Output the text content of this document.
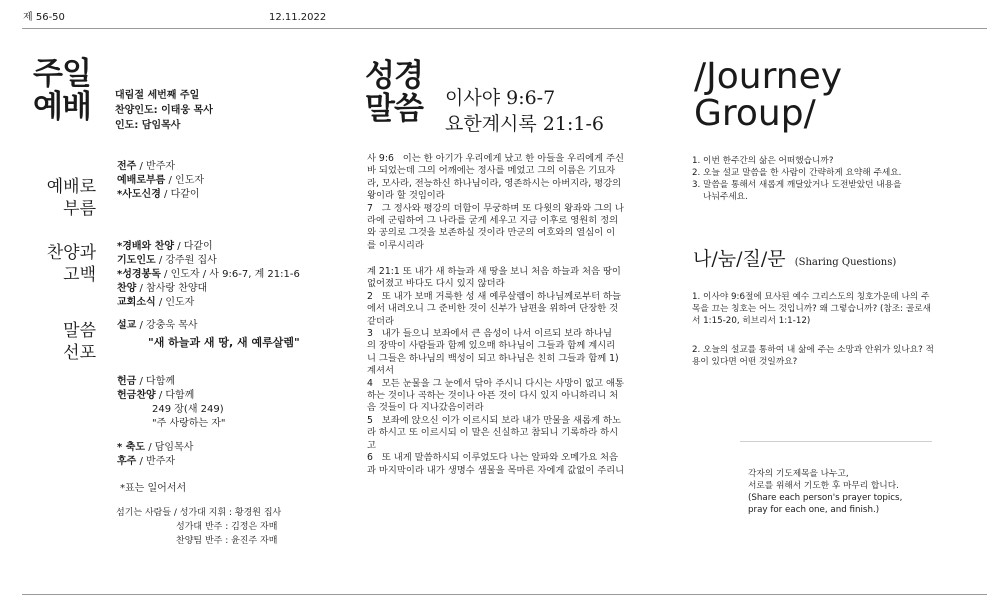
제 56-50	12.11.2022
주일
예배 대림절 세번째 주일
찬양인도: 이태웅 목사
인도: 담임목사
예배로
부름
전주 / 반주자
예배로부름 / 인도자
*사도신경 / 다같이
찬양과
고백
*경배와 찬양 / 다같이
기도인도 / 강주원 집사
*성경봉독 / 인도자 / 사 9:6-7, 계 21:1-6
찬양 / 참사랑 찬양대
교회소식 / 인도자
말씀
선포
설교 / 강충욱 목사
"새 하늘과 새 땅, 새 예루살렘"
헌금 / 다함께
헌금찬양 / 다함께
249 장(새 249)
"주 사랑하는 자"
* 축도 / 담임목사
후주 / 반주자
*표는 일어서서
섬기는 사람들 / 성가대 지휘 : 황경원 집사
성가대 반주 : 김정은 자매
찬양팀 반주 : 윤진주 자매
성경
말씀 이사야 9:6-7
요한계시록 21:1-6
사 9:6   이는 한 아기가 우리에게 났고 한 아들을 우리에게 주신
바 되었는데 그의 어깨에는 정사를 메었고 그의 이름은 기묘자
라, 모사라, 전능하신 하나님이라, 영존하시는 아버지라, 평강의
왕이라 할 것임이라
7   그 정사와 평강의 더함이 무궁하며 또 다윗의 왕좌와 그의 나
라에 군림하여 그 나라를 굳게 세우고 지금 이후로 영원히 정의
와 공의로 그것을 보존하실 것이라 만군의 여호와의 열심이 이
를 이루시리라
계 21:1 또 내가 새 하늘과 새 땅을 보니 처음 하늘과 처음 땅이
없어졌고 바다도 다시 있지 않더라
2   또 내가 보매 거룩한 성 새 예루살렘이 하나님께로부터 하늘
에서 내려오니 그 준비한 것이 신부가 남편을 위하여 단장한 것
같더라
3   내가 들으니 보좌에서 큰 음성이 나서 이르되 보라 하나님
의 장막이 사람들과 함께 있으매 하나님이 그들과 함께 계시리
니 그들은 하나님의 백성이 되고 하나님은 친히 그들과 함께 1)
계셔서
4   모든 눈물을 그 눈에서 닦아 주시니 다시는 사망이 없고 애통
하는 것이나 곡하는 것이나 아픈 것이 다시 있지 아니하리니 처
음 것들이 다 지나갔음이러라
5   보좌에 앉으신 이가 이르시되 보라 내가 만물을 새롭게 하노
라 하시고 또 이르시되 이 말은 신실하고 참되니 기록하라 하시
고
6   또 내게 말씀하시되 이루었도다 나는 알파와 오메가요 처음
과 마지막이라 내가 생명수 샘물을 목마른 자에게 값없이 주리니
/Journey
Group/
1. 이번 한주간의 삶은 어떠했습니까?
2. 오늘 설교 말씀을 한 사람이 간략하게 요약해 주세요.
3. 말씀을 통해서 새롭게 깨달았거나 도전받았던 내용을
나눠주세요.
나/눔/질/문 (Sharing Questions)
1. 이사야 9:6절에 묘사된 예수 그리스도의 칭호가운데 나의 주
목을 끄는 칭호는 어느 것입니까? 왜 그렇습니까? (참조: 골로새
서 1:15-20, 히브리서 1:1-12)
2. 오늘의 설교를 통하여 내 삶에 주는 소망과 안위가 있나요? 적
용이 있다면 어떤 것일까요?
각자의 기도제목을 나누고,
서로를 위해서 기도한 후 마무리 합니다.
(Share each person's prayer topics,
pray for each one, and finish.)
